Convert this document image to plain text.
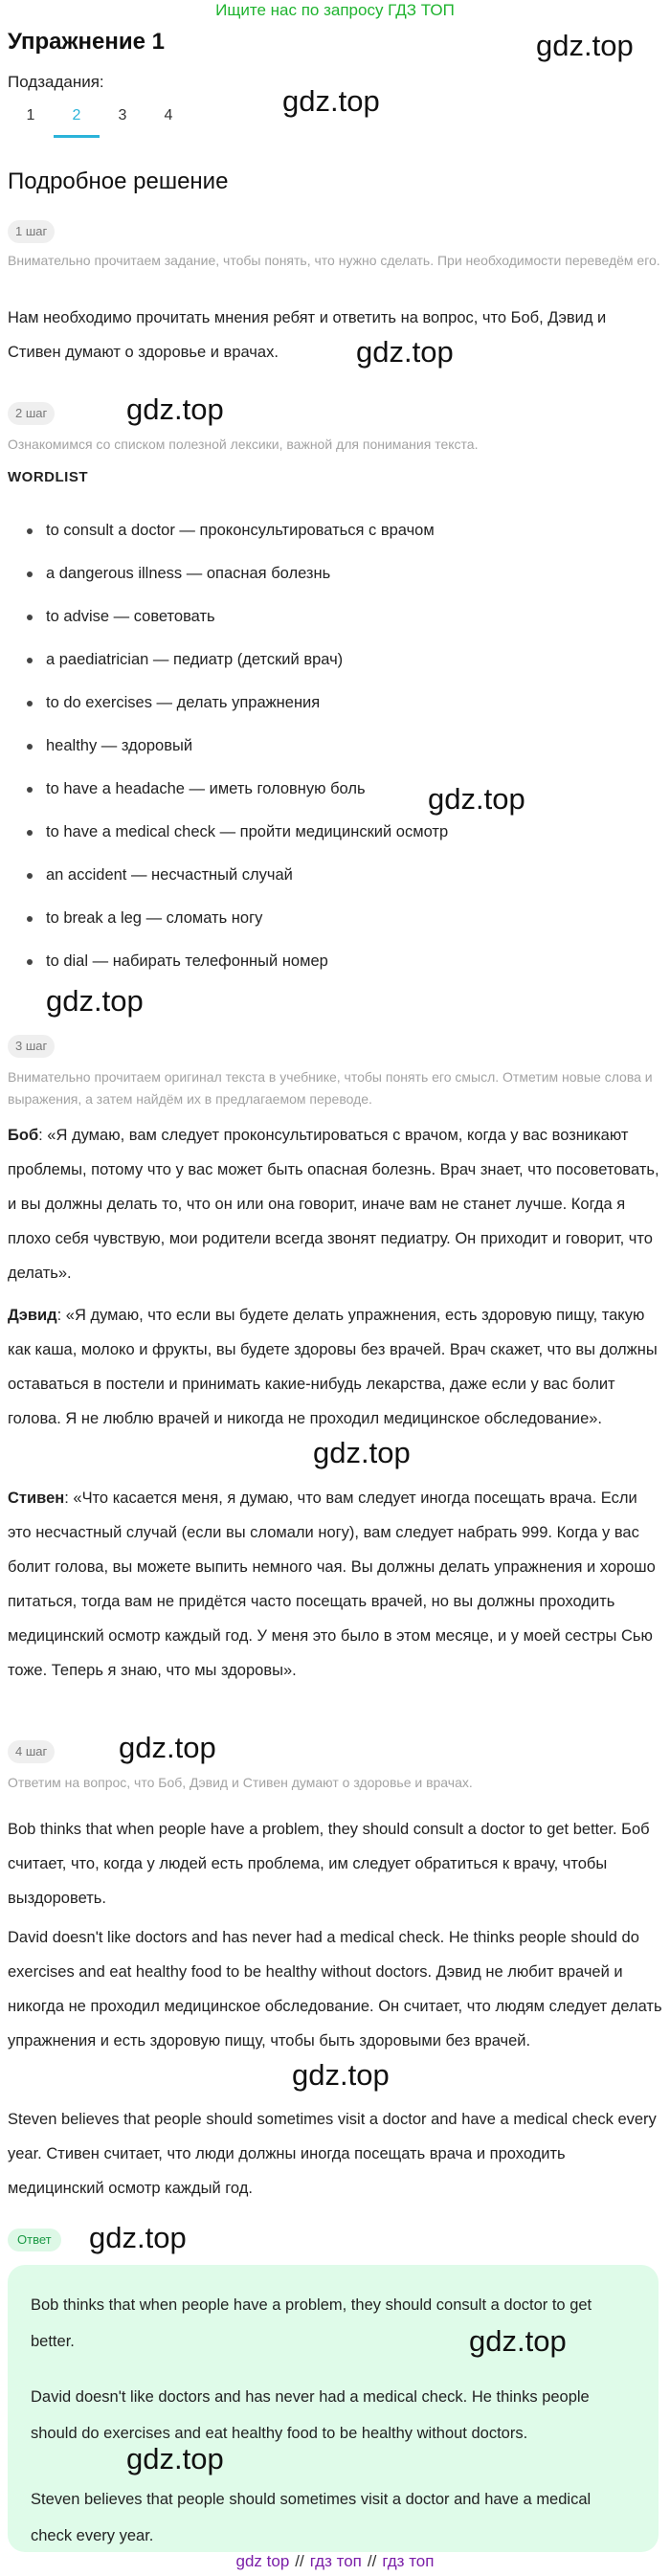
Ищите нас по запросу ГДЗ ТОП
Упражнение 1	gdz.top
Подзадания:
1	2	3	4	gdz.top
Подробное решение
1 шаг
Внимательно прочитаем задание, чтобы понять, что нужно сделать. При необходимости переведём его.
Нам необходимо прочитать мнения ребят и ответить на вопрос, что Боб, Дэвид и Стивен думают о здоровье и врачах.	gdz.top
2 шаг	gdz.top
Ознакомимся со списком полезной лексики, важной для понимания текста.
WORDLIST
to consult a doctor — проконсультироваться с врачом
a dangerous illness — опасная болезнь
to advise — советовать
a paediatrician — педиатр (детский врач)
to do exercises — делать упражнения
healthy — здоровый
to have a headache — иметь головную боль
to have a medical check — пройти медицинский осмотр
an accident — несчастный случай
to break a leg — сломать ногу
to dial — набирать телефонный номер
gdz.top
gdz.top
3 шаг
Внимательно прочитаем оригинал текста в учебнике, чтобы понять его смысл. Отметим новые слова и выражения, а затем найдём их в предлагаемом переводе.
Боб: «Я думаю, вам следует проконсультироваться с врачом, когда у вас возникают проблемы, потому что у вас может быть опасная болезнь. Врач знает, что посоветовать, и вы должны делать то, что он или она говорит, иначе вам не станет лучше. Когда я плохо себя чувствую, мои родители всегда звонят педиатру. Он приходит и говорит, что делать».
Дэвид: «Я думаю, что если вы будете делать упражнения, есть здоровую пищу, такую как каша, молоко и фрукты, вы будете здоровы без врачей. Врач скажет, что вы должны оставаться в постели и принимать какие-нибудь лекарства, даже если у вас болит голова. Я не люблю врачей и никогда не проходил медицинское обследование».
gdz.top
Стивен: «Что касается меня, я думаю, что вам следует иногда посещать врача. Если это несчастный случай (если вы сломали ногу), вам следует набрать 999. Когда у вас болит голова, вы можете выпить немного чая. Вы должны делать упражнения и хорошо питаться, тогда вам не придётся часто посещать врачей, но вы должны проходить медицинский осмотр каждый год. У меня это было в этом месяце, и у моей сестры Сью тоже. Теперь я знаю, что мы здоровы».
4 шаг gdz.top
Ответим на вопрос, что Боб, Дэвид и Стивен думают о здоровье и врачах.
Bob thinks that when people have a problem, they should consult a doctor to get better. Боб считает, что, когда у людей есть проблема, им следует обратиться к врачу, чтобы выздороветь.
David doesn't like doctors and has never had a medical check. He thinks people should do exercises and eat healthy food to be healthy without doctors. Дэвид не любит врачей и никогда не проходил медицинское обследование. Он считает, что людям следует делать упражнения и есть здоровую пищу, чтобы быть здоровыми без врачей.
gdz.top
Steven believes that people should sometimes visit a doctor and have a medical check every year. Стивен считает, что люди должны иногда посещать врача и проходить медицинский осмотр каждый год.
Ответ	gdz.top
Bob thinks that when people have a problem, they should consult a doctor to get better.	gdz.top
David doesn't like doctors and has never had a medical check. He thinks people should do exercises and eat healthy food to be healthy without doctors.
gdz.top
Steven believes that people should sometimes visit a doctor and have a medical check every year.
gdz top // гдз топ // гдз топ
